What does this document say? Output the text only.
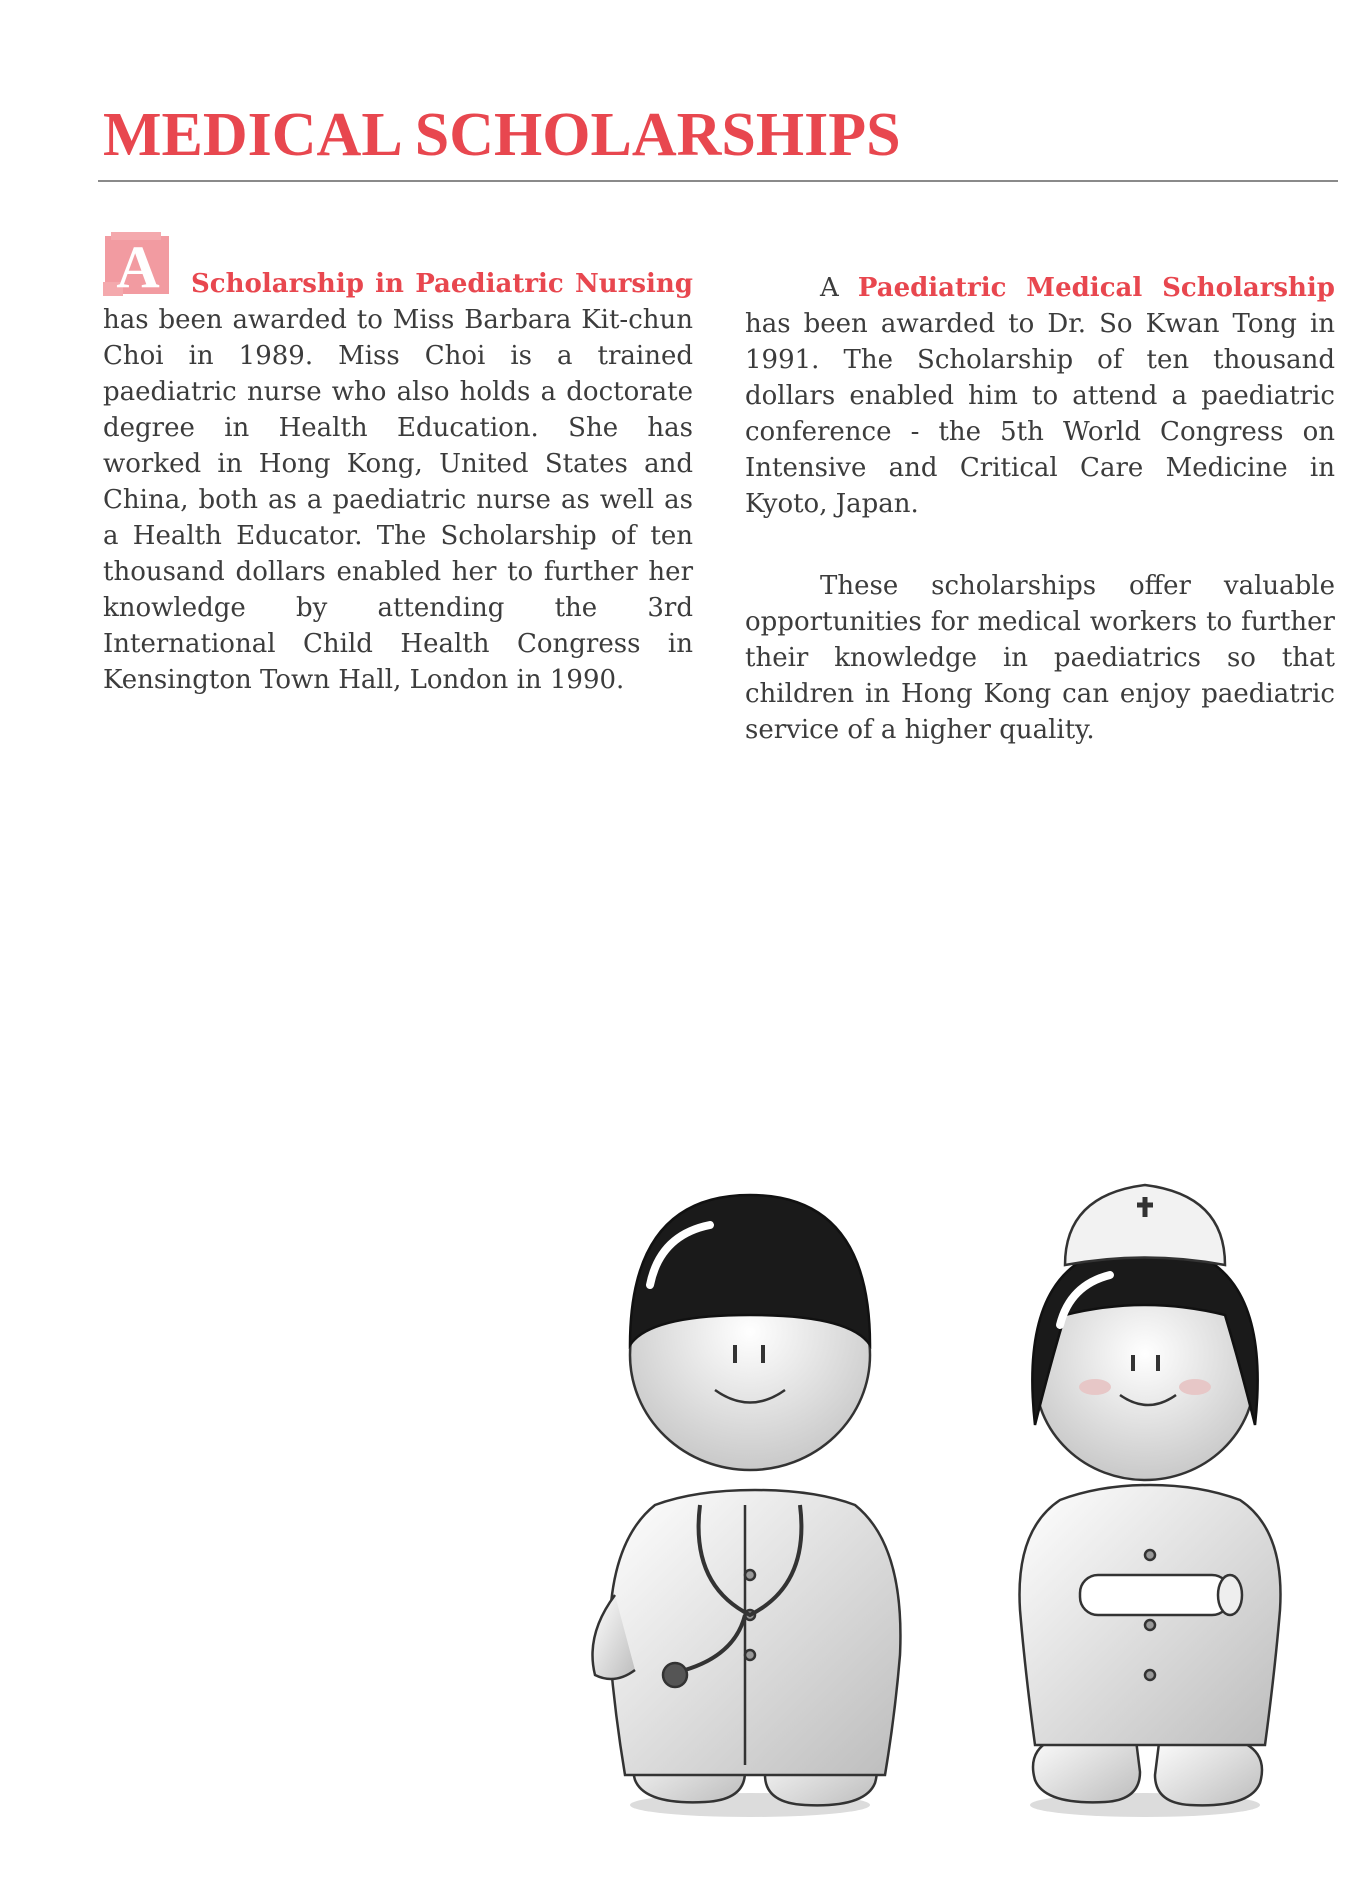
MEDICAL SCHOLARSHIPS

A Scholarship in Paediatric Nursing has been awarded to Miss Barbara Kit-chun Choi in 1989. Miss Choi is a trained paediatric nurse who also holds a doctorate degree in Health Education. She has worked in Hong Kong, United States and China, both as a paediatric nurse as well as a Health Educator. The Scholarship of ten thousand dollars enabled her to further her knowledge by attending the 3rd International Child Health Congress in Kensington Town Hall, London in 1990.

A Paediatric Medical Scholarship has been awarded to Dr. So Kwan Tong in 1991. The Scholarship of ten thousand dollars enabled him to attend a paediatric conference - the 5th World Congress on Intensive and Critical Care Medicine in Kyoto, Japan.

These scholarships offer valuable opportunities for medical workers to further their knowledge in paediatrics so that children in Hong Kong can enjoy paediatric service of a higher quality.
